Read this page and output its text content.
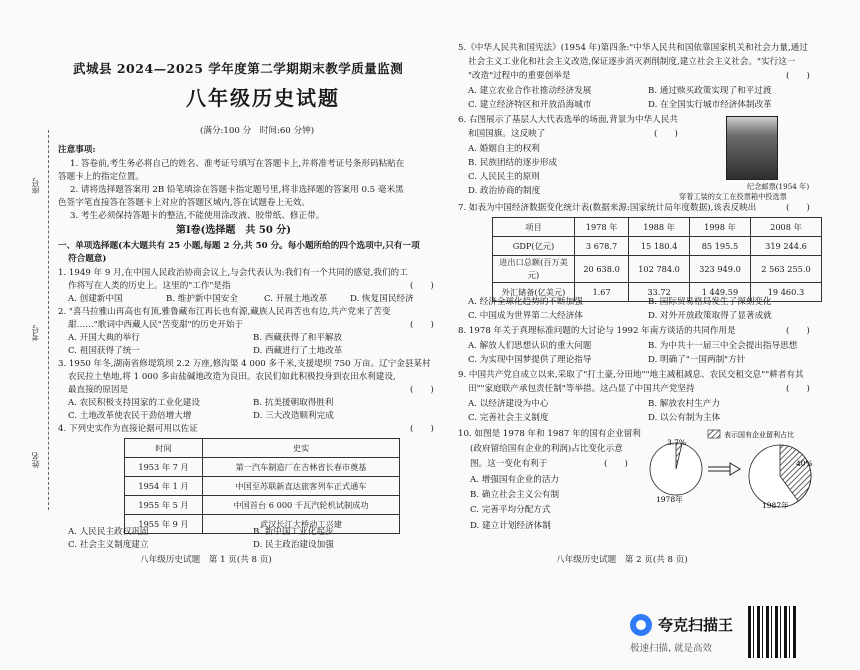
座号
考号
姓名
武城县 2024—2025 学年度第二学期期末教学质量监测
八年级历史试题
(满分:100 分　时间:60 分钟)
注意事项:
1. 答卷前,考生务必将自己的姓名、准考证号填写在答题卡上,并将准考证号条形码粘贴在
答题卡上的指定位置。
2. 请将选择题答案用 2B 铅笔填涂在答题卡指定题号里,将非选择题的答案用 0.5 毫米黑
色签字笔直接答在答题卡上对应的答题区域内,答在试题卷上无效。
3. 考生必须保持答题卡的整洁,不能使用涂改液、胶带纸、修正带。
第Ⅰ卷(选择题　共 50 分)
一、单项选择题(本大题共有 25 小题,每题 2 分,共 50 分。每小题所给的四个选项中,只有一项
符合题意)
1. 1949 年 9 月,在中国人民政治协商会议上,与会代表认为:我们有一个共同的感觉,我们的工
作将写在人类的历史上。这里的"工作"是指	(　　)
A. 创建新中国	B. 维护新中国安全	C. 开展土地改革	D. 恢复国民经济
2. "喜马拉雅山再高也有顶,雅鲁藏布江再长也有源,藏族人民再苦也有边,共产党来了苦变
甜……"歌词中西藏人民"苦变甜"的历史开始于	(　　)
A. 开国大典的举行	B. 西藏获得了和平解放
C. 祖国获得了统一	D. 西藏进行了土地改革
3. 1950 年冬,湖南省修堤筑坝 2.2 万座,修沟渠 4 000 多千米,支援堤坝 750 万亩。辽宁金县某村
农民拉土垫地,将 1 000 多亩盐碱地改造为良田。农民们如此积极投身到农田水利建设,
最直接的原因是	(　　)
A. 农民积极支持国家的工业化建设	B. 抗美援朝取得胜利
C. 土地改革使农民干劲倍增大增	D. 三大改造顺利完成
4. 下列史实作为直接论据可用以佐证	(　　)
时间	史实
1953 年 7 月	第一汽车制造厂在吉林省长春市奠基
1954 年 1 月	中国至苏联新直达旅客列车正式通车
1955 年 5 月	中国首台 6 000 千瓦汽轮机试制成功
1955 年 9 月	武汉长江大桥动工兴建
A. 人民民主政权巩固	B. 新中国工业化起步
C. 社会主义制度建立	D. 民主政治建设加强
八年级历史试题　第 1 页(共 8 页)
5.《中华人民共和国宪法》(1954 年)第四条:"中华人民共和国依靠国家机关和社会力量,通过
社会主义工业化和社会主义改造,保证逐步消灭剥削制度,建立社会主义社会。"实行这一
"改造"过程中的重要创举是	(　　)
A. 建立农业合作社推动经济发展	B. 通过赎买政策实现了和平过渡
C. 建立经济特区和开放沿海城市	D. 在全国实行城市经济体制改革
6. 右图展示了基层人大代表选举的场面,背景为中华人民共
和国国旗。这反映了	(　　)
A. 婚姻自主的权利
B. 民族团结的逐步形成
C. 人民民主的原则
D. 政治协商的制度	纪念邮票(1954 年)
穿着工装的女工在投票箱中投选票
7. 如表为中国经济数据变化统计表(数据来源:国家统计局年度数据),该表反映出	(　　)
项目	1978 年	1988 年	1998 年	2008 年
GDP(亿元)	3 678.7	15 180.4	85 195.5	319 244.6
进出口总额(百万美元)	20 638.0	102 784.0	323 949.0	2 563 255.0
外汇储备(亿美元)	1.67	33.72	1 449.59	19 460.3
A. 经济全球化趋势的不断加强	B. 国际贸易格局发生了深刻变化
C. 中国成为世界第二大经济体	D. 对外开放政策取得了显著成就
8. 1978 年关于真理标准问题的大讨论与 1992 年南方谈话的共同作用是	(　　)
A. 解放人们思想认识的重大问题	B. 为中共十一届三中全会提出指导思想
C. 为实现中国梦提供了理论指导	D. 明确了"一国两制"方针
9. 中国共产党自成立以来,采取了"打土豪,分田地""地主减租减息、农民交租交息""耕者有其
田""家庭联产承包责任制"等举措。这凸显了中国共产党坚持	(　　)
A. 以经济建设为中心	B. 解放农村生产力
C. 完善社会主义制度	D. 以公有制为主体
10. 如图是 1978 年和 1987 年的国有企业留利
(政府留给国有企业的利润)占比变化示意
图。这一变化有利于	(　　)
A. 增强国有企业的活力
B. 确立社会主义公有制
C. 完善平均分配方式
D. 建立计划经济体制
表示国有企业留利占比
3.7%
40%
1978年
1987年
八年级历史试题　第 2 页(共 8 页)
夸克扫描王
极速扫描, 就是高效
